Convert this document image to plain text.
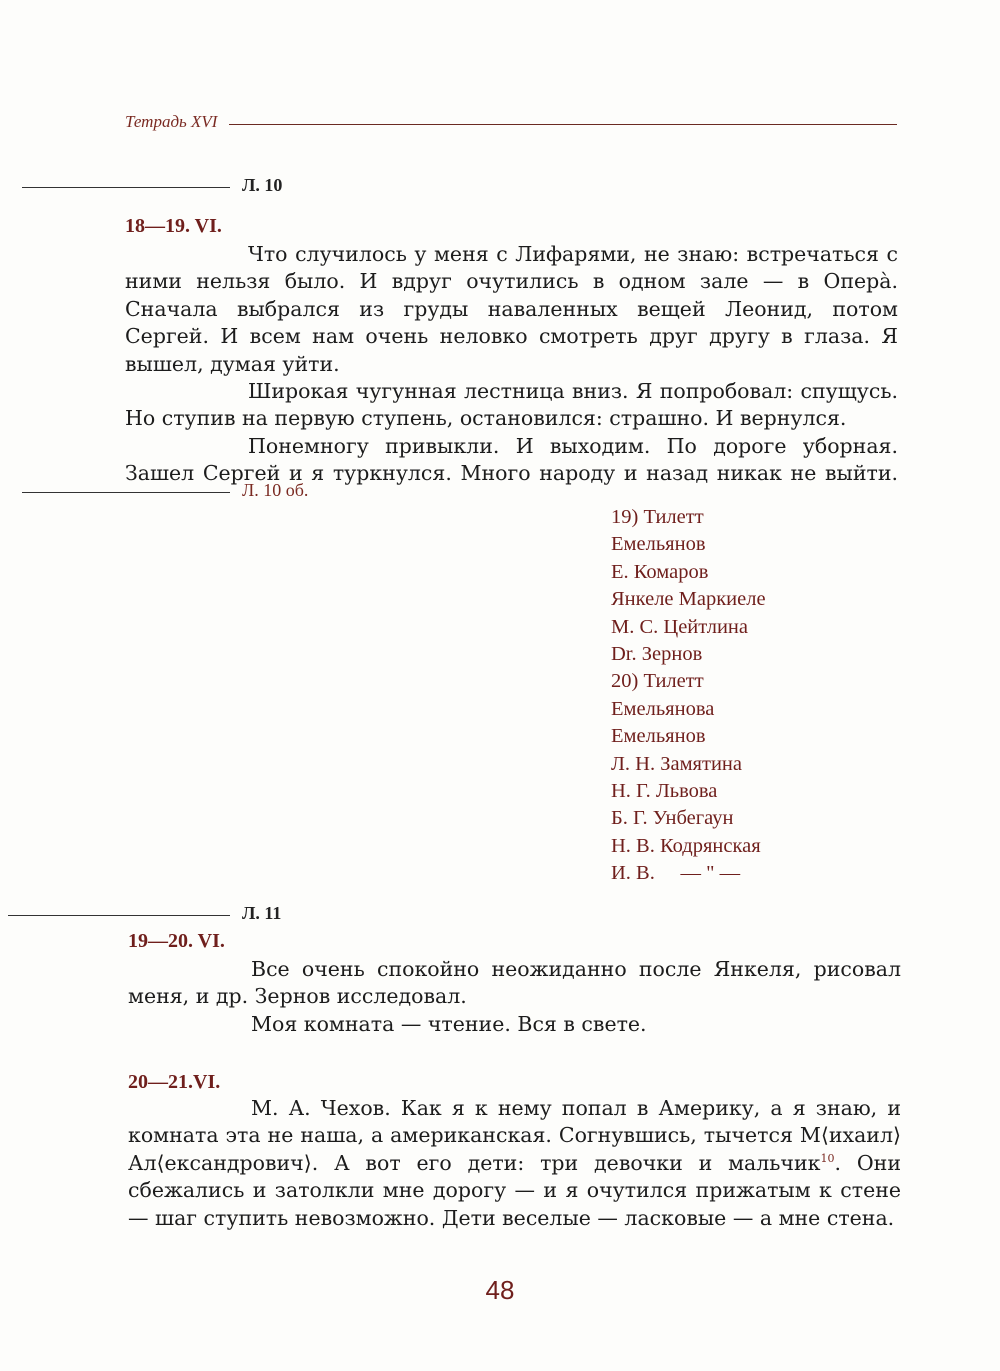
Тетрадь XVI
Л. 10
18—19. VI.

Что случилось у меня с Лифарями, не знаю: встречаться с ними нельзя было. И вдруг очутились в одном зале — в Опера̀. Сначала выбрался из груды наваленных вещей Леонид, потом Сергей. И всем нам очень неловко смотреть друг другу в глаза. Я вышел, думая уйти.

Широкая чугунная лестница вниз. Я попробовал: спущусь. Но ступив на первую ступень, остановился: страшно. И вернулся.

Понемногу привыкли. И выходим. По дороге уборная. Зашел Сергей и я туркнулся. Много народу и назад никак не выйти.

Л. 10 об.
19) Тилетт
Емельянов
Е. Комаров
Янкеле Маркиеле
М. С. Цейтлина
Dr. Зернов
20) Тилетт
Емельянова
Емельянов
Л. Н. Замятина
Н. Г. Львова
Б. Г. Унбегаун
Н. В. Кодрянская
И. В.     — " —
Л. 11
19—20. VI.

Все очень спокойно неожиданно после Янкеля, рисовал меня, и др. Зернов исследовал.

Моя комната — чтение. Вся в свете.

20—21.VI.

М. А. Чехов. Как я к нему попал в Америку, а я знаю, и комната эта не наша, а американская. Согнувшись, тычется М⟨ихаил⟩ Ал⟨ександрович⟩. А вот его дети: три девочки и мальчик$^{10}$. Они сбежались и затолкли мне дорогу — и я очутился прижатым к стене — шаг ступить невозможно. Дети веселые — ласковые — а мне стена.

48
